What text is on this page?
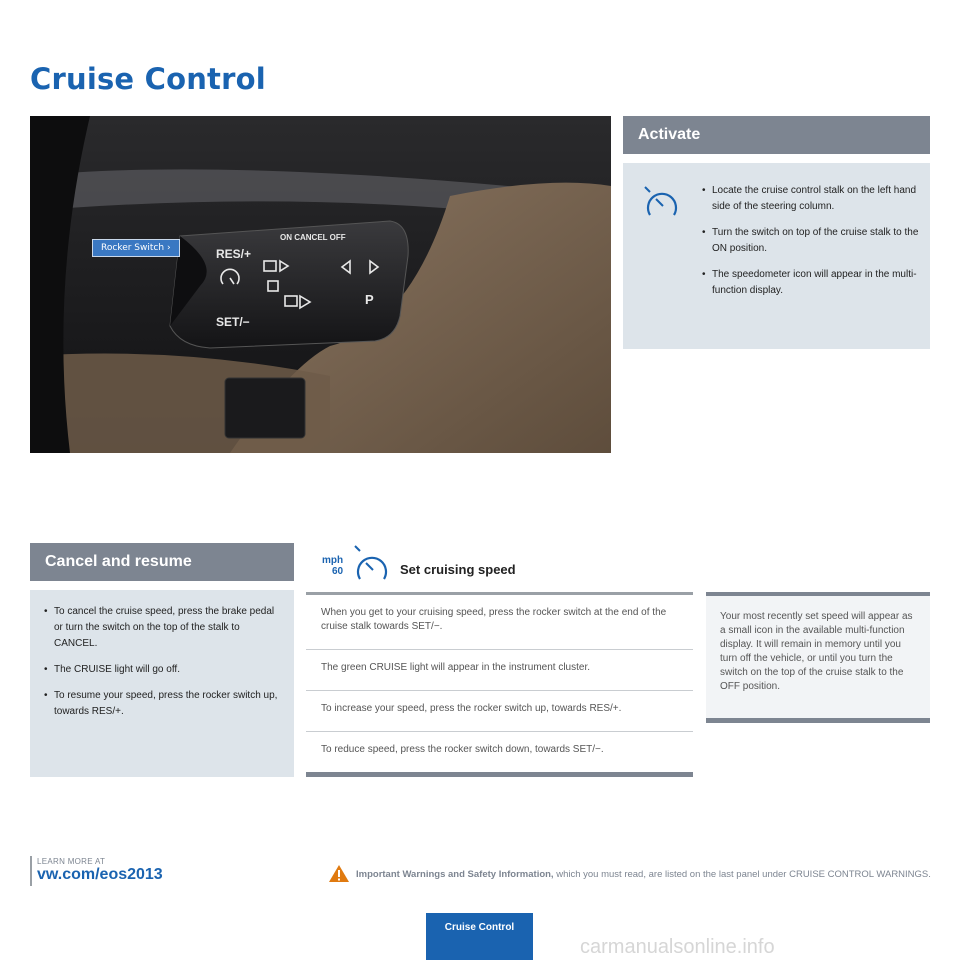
Cruise Control
RES/+
SET/−
ON CANCEL OFF
P
Rocker Switch ›
Activate
• Locate the cruise control stalk on the left hand side of the steering column.
• Turn the switch on top of the cruise stalk to the ON position.
• The speedometer icon will appear in the multi-function display.
Cancel and resume
• To cancel the cruise speed, press the brake pedal or turn the switch on the top of the stalk to CANCEL.
• The CRUISE light will go off.
• To resume your speed, press the rocker switch up, towards RES/+.
mph
60	Set cruising speed
When you get to your cruising speed, press the rocker switch at the end of the cruise stalk towards SET/−.
The green CRUISE light will appear in the instrument cluster.
To increase your speed, press the rocker switch up, towards RES/+.
To reduce speed, press the rocker switch down, towards SET/−.
Your most recently set speed will appear as a small icon in the available multi-function display. It will remain in memory until you turn off the vehicle, or until you turn the switch on the top of the cruise stalk to the OFF position.
LEARN MORE AT
vw.com/eos2013	Important Warnings and Safety Information, which you must read, are listed on the last panel under CRUISE CONTROL WARNINGS.
Cruise Control
carmanualsonline.info
